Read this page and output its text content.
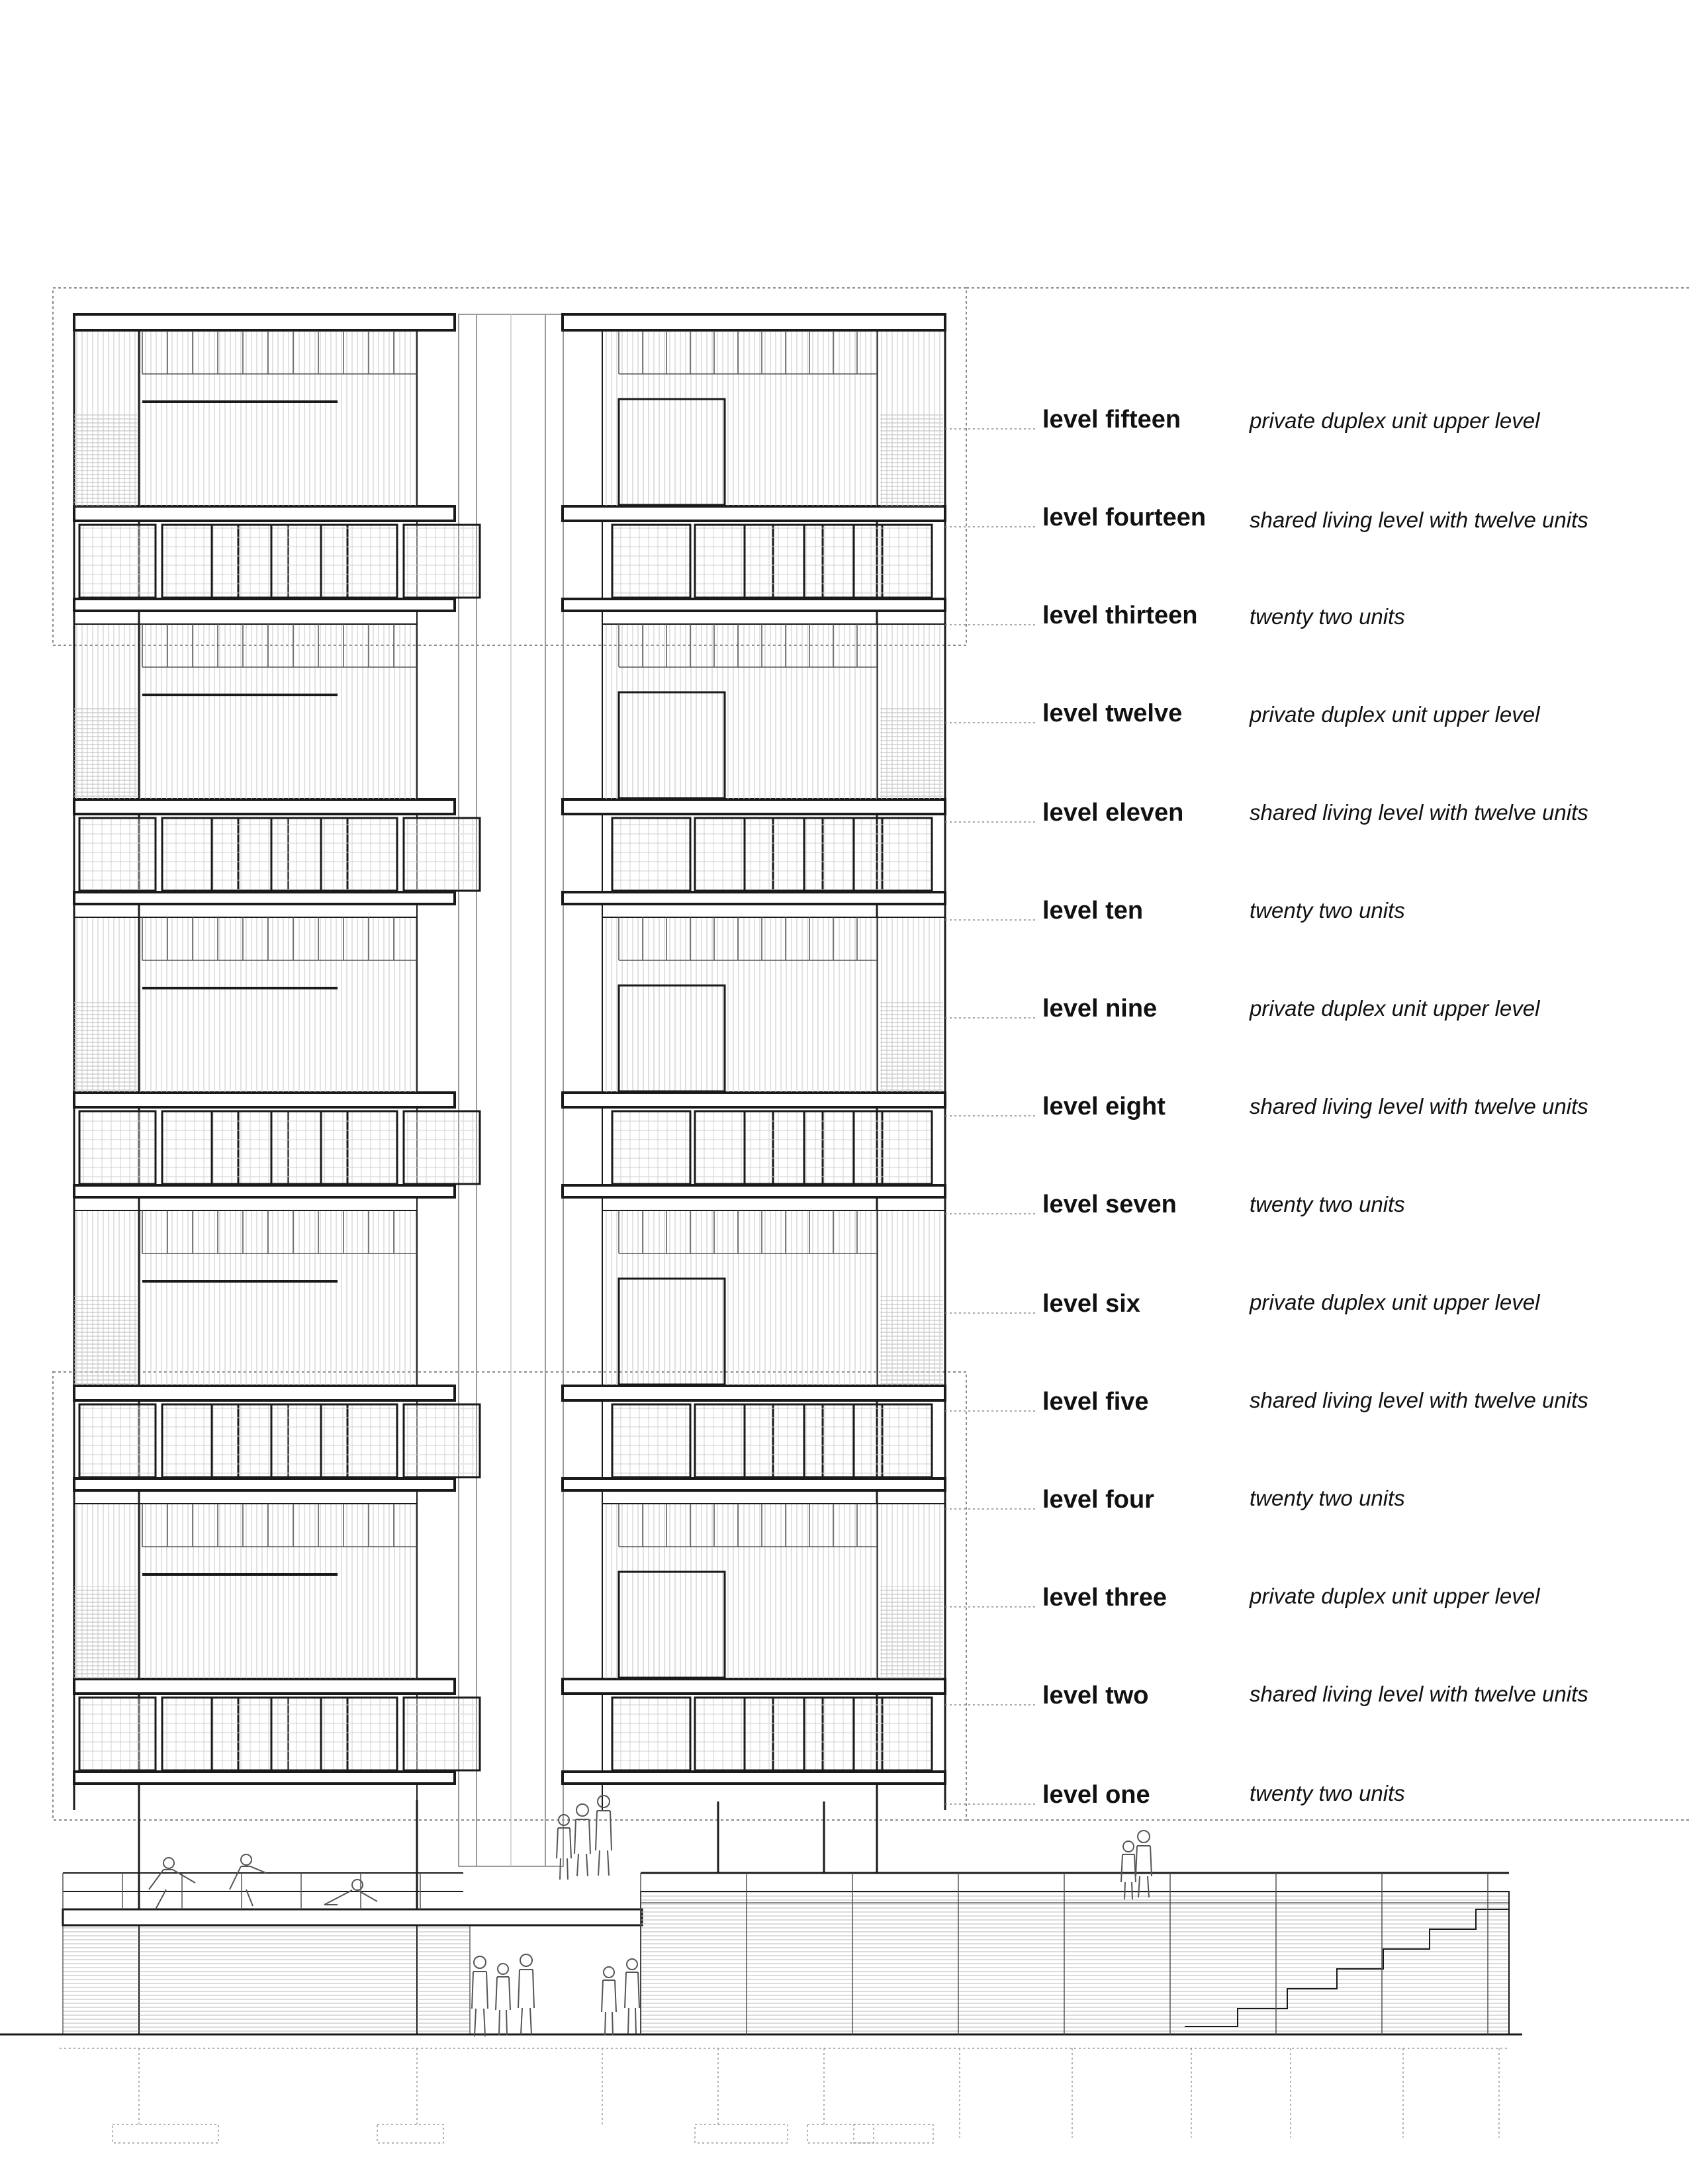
level fifteen	private duplex unit upper level
level fourteen shared living level with twelve units
level thirteen twenty two units
level twelve	private duplex unit upper level
level eleven	shared living level with twelve units
level ten	twenty two units
level nine	private duplex unit upper level
level eight	shared living level with twelve units
level seven	twenty two units
level six	private duplex unit upper level
level five	shared living level with twelve units
level four	twenty two units
level three	private duplex unit upper level
level two	shared living level with twelve units
level one	twenty two units
